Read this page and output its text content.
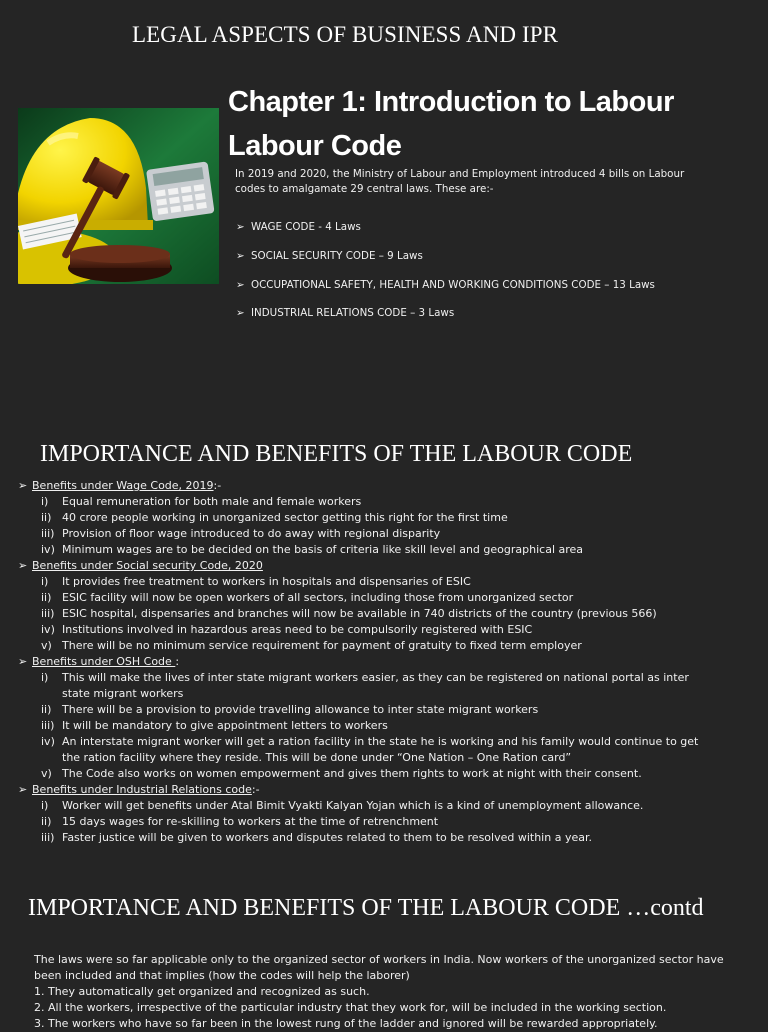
LEGAL ASPECTS OF BUSINESS AND IPR
Chapter 1: Introduction to Labour
Labour Code
In 2019 and 2020, the Ministry of Labour and Employment introduced 4 bills on Labour codes to amalgamate 29 central laws. These are:-
➢ WAGE CODE - 4 Laws
➢ SOCIAL SECURITY CODE – 9 Laws
➢ OCCUPATIONAL SAFETY, HEALTH AND WORKING CONDITIONS CODE – 13 Laws
➢ INDUSTRIAL RELATIONS CODE – 3 Laws
IMPORTANCE AND BENEFITS OF THE LABOUR CODE
➢ Benefits under Wage Code, 2019:-
i)	Equal remuneration for both male and female workers
ii) 40 crore people working in unorganized sector getting this right for the first time
iii) Provision of floor wage introduced to do away with regional disparity
iv) Minimum wages are to be decided on the basis of criteria like skill level and geographical area
➢ Benefits under Social security Code, 2020
i)	It provides free treatment to workers in hospitals and dispensaries of ESIC
ii) ESIC facility will now be open workers of all sectors, including those from unorganized sector
iii) ESIC hospital, dispensaries and branches will now be available in 740 districts of the country (previous 566)
iv) Institutions involved in hazardous areas need to be compulsorily registered with ESIC
v) There will be no minimum service requirement for payment of gratuity to fixed term employer
➢ Benefits under OSH Code :
i)	This will make the lives of inter state migrant workers easier, as they can be registered on national portal as inter state migrant workers
ii) There will be a provision to provide travelling allowance to inter state migrant workers
iii) It will be mandatory to give appointment letters to workers
iv) An interstate migrant worker will get a ration facility in the state he is working and his family would continue to get the ration facility where they reside. This will be done under “One Nation – One Ration card”
v) The Code also works on women empowerment and gives them rights to work at night with their consent.
➢ Benefits under Industrial Relations code:-
i)	Worker will get benefits under Atal Bimit Vyakti Kalyan Yojan which is a kind of unemployment allowance.
ii) 15 days wages for re-skilling to workers at the time of retrenchment
iii) Faster justice will be given to workers and disputes related to them to be resolved within a year.
IMPORTANCE AND BENEFITS OF THE LABOUR CODE …contd

The laws were so far applicable only to the organized sector of workers in India. Now workers of the unorganized sector have been included and that implies (how the codes will help the laborer)

1. They automatically get organized and recognized as such.

2. All the workers, irrespective of the particular industry that they work for, will be included in the working section.

3. The workers who have so far been in the lowest rung of the ladder and ignored will be rewarded appropriately.
